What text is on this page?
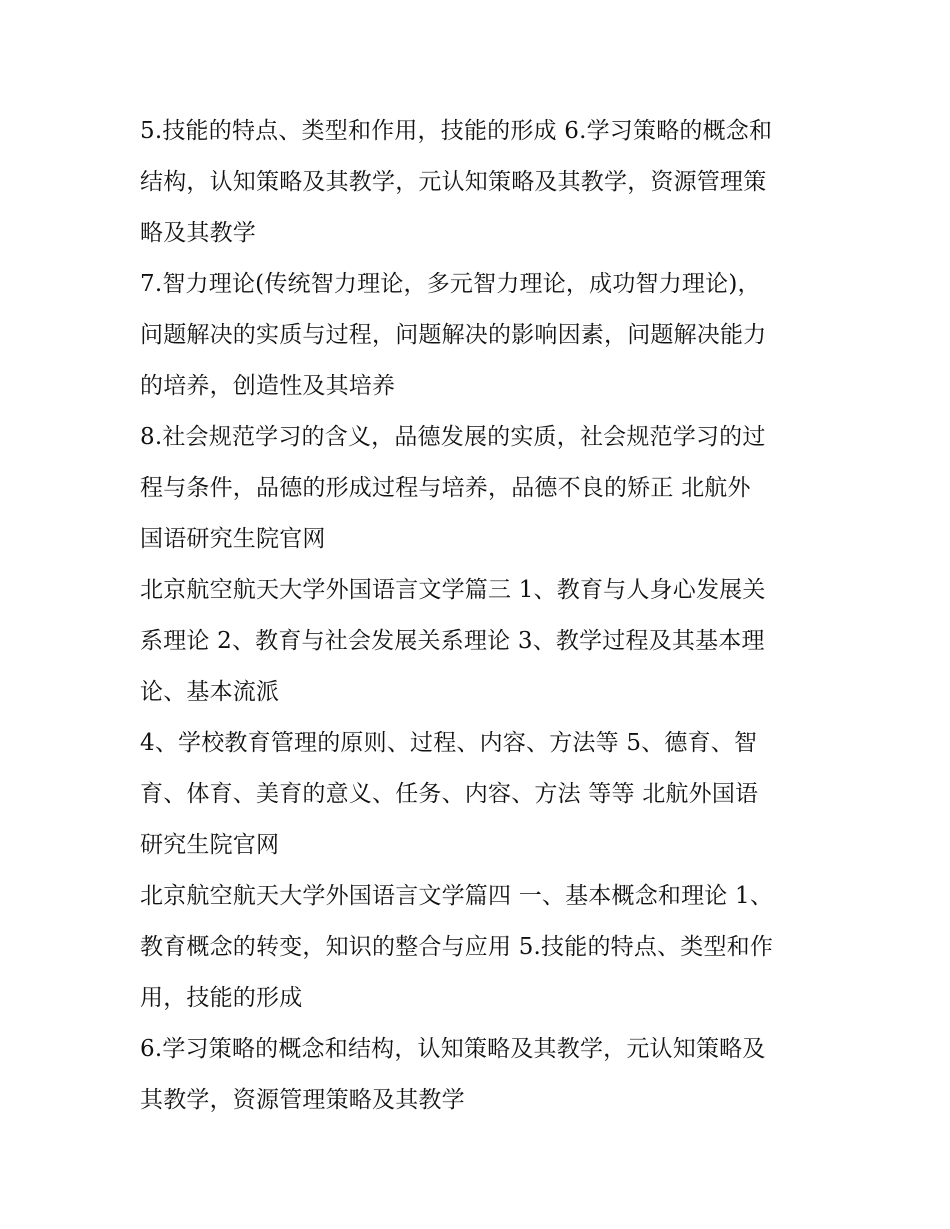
5.技能的特点、类型和作用，技能的形成 6.学习策略的概念和
结构，认知策略及其教学，元认知策略及其教学，资源管理策
略及其教学

7.智力理论(传统智力理论，多元智力理论，成功智力理论)，
问题解决的实质与过程，问题解决的影响因素，问题解决能力
的培养，创造性及其培养

8.社会规范学习的含义，品德发展的实质，社会规范学习的过
程与条件，品德的形成过程与培养，品德不良的矫正 北航外
国语研究生院官网

北京航空航天大学外国语言文学篇三 1、教育与人身心发展关
系理论 2、教育与社会发展关系理论 3、教学过程及其基本理
论、基本流派

4、学校教育管理的原则、过程、内容、方法等 5、德育、智
育、体育、美育的意义、任务、内容、方法 等等 北航外国语
研究生院官网

北京航空航天大学外国语言文学篇四 一、基本概念和理论 1、
教育概念的转变，知识的整合与应用 5.技能的特点、类型和作
用，技能的形成

6.学习策略的概念和结构，认知策略及其教学，元认知策略及
其教学，资源管理策略及其教学
